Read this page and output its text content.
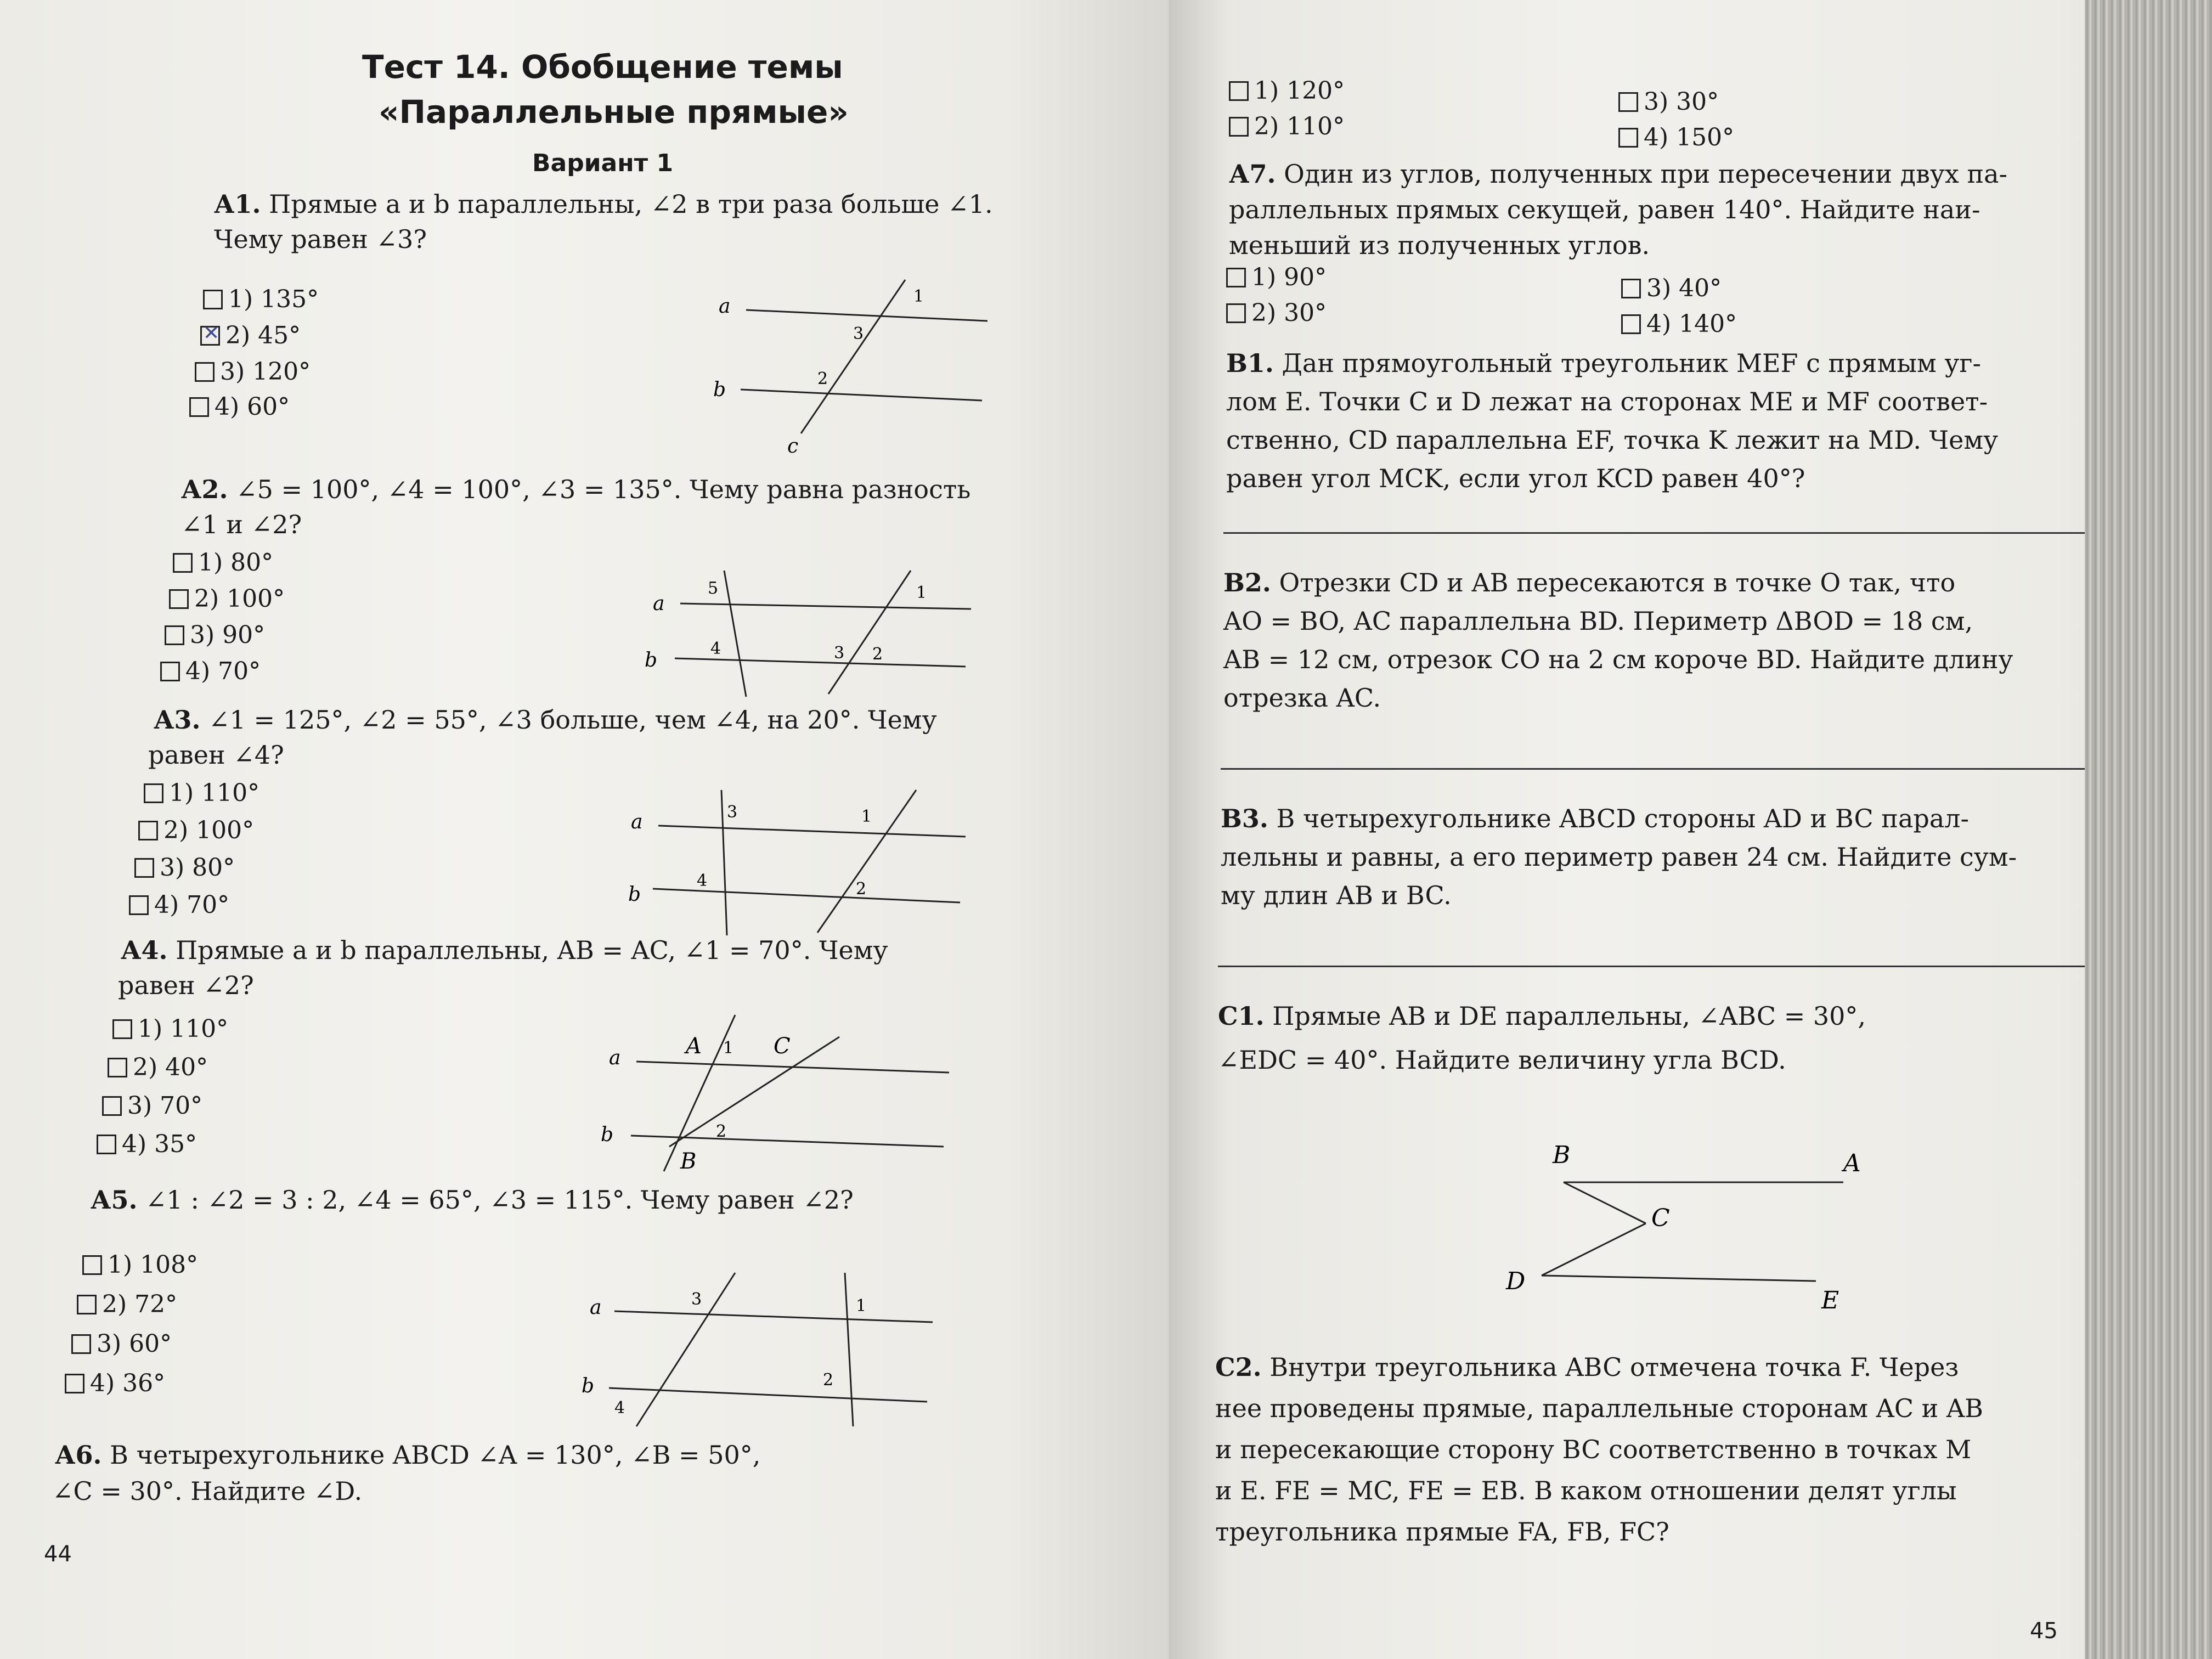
Тест 14. Обобщение темы
«Параллельные прямые»
Вариант 1
А1. Прямые a и b параллельны, ∠2 в три раза больше ∠1.
Чему равен ∠3?
1) 135°
✕
2) 45°
3) 120°
4) 60°
a
b
c
1
3
2
А2. ∠5 = 100°, ∠4 = 100°, ∠3 = 135°. Чему равна разность
∠1 и ∠2?
1) 80°
2) 100°
3) 90°
4) 70°
a
b
5
4
1
3 2
А3. ∠1 = 125°, ∠2 = 55°, ∠3 больше, чем ∠4, на 20°. Чему
равен ∠4?
1) 110°
2) 100°
3) 80°
4) 70°
a
b
3
4
1
2
А4. Прямые a и b параллельны, AB = AC, ∠1 = 70°. Чему
равен ∠2?
1) 110°
2) 40°
3) 70°
4) 35°
a
b
A 1 C
B
2
А5. ∠1 : ∠2 = 3 : 2, ∠4 = 65°, ∠3 = 115°. Чему равен ∠2?
1) 108°
2) 72°
3) 60°
4) 36°
a
b
3	1
2
4
А6. В четырехугольнике ABCD ∠A = 130°, ∠B = 50°,
∠C = 30°. Найдите ∠D.
44
1) 120°
2) 110°
3) 30°
4) 150°
А7. Один из углов, полученных при пересечении двух па-
раллельных прямых секущей, равен 140°. Найдите наи-
меньший из полученных углов.
1) 90°
2) 30°
3) 40°
4) 140°
В1. Дан прямоугольный треугольник MEF с прямым уг-
лом E. Точки C и D лежат на сторонах ME и MF соответ-
ственно, CD параллельна EF, точка K лежит на MD. Чему
равен угол MCK, если угол KCD равен 40°?
В2. Отрезки CD и AB пересекаются в точке O так, что
AO = BO, AC параллельна BD. Периметр ΔBOD = 18 см,
AB = 12 см, отрезок CO на 2 см короче BD. Найдите длину
отрезка AC.
В3. В четырехугольнике ABCD стороны AD и BC парал-
лельны и равны, а его периметр равен 24 см. Найдите сум-
му длин AB и BC.
С1. Прямые AB и DE параллельны, ∠ABC = 30°,
∠EDC = 40°. Найдите величину угла BCD.
B	A
C
D
E
С2. Внутри треугольника ABC отмечена точка F. Через
нее проведены прямые, параллельные сторонам AC и AB
и пересекающие сторону BC соответственно в точках M
и E. FE = MC, FE = EB. В каком отношении делят углы
треугольника прямые FA, FB, FC?
45
